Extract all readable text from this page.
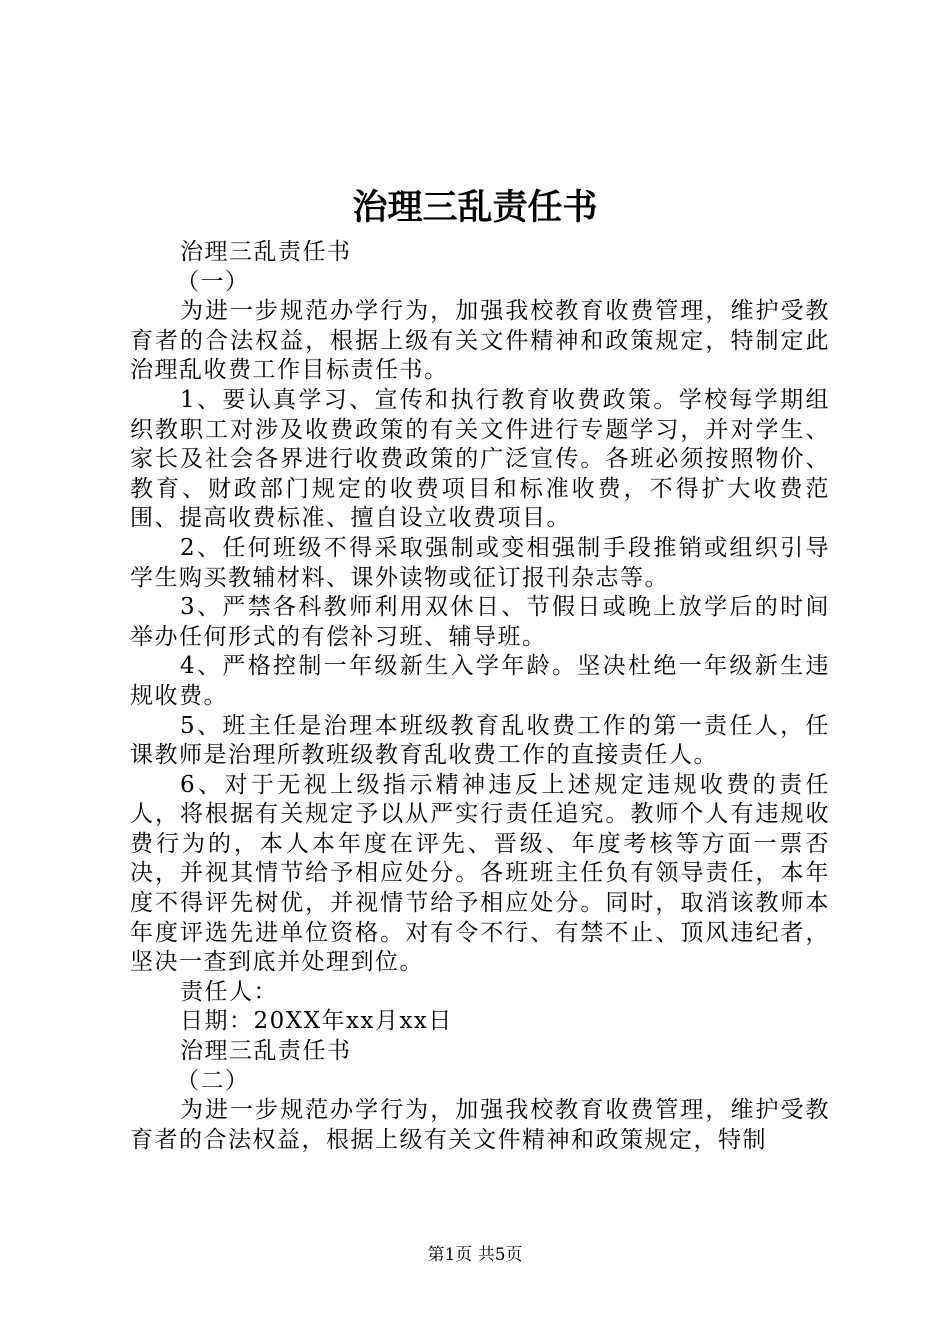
治理三乱责任书

治理三乱责任书

（一）

为进一步规范办学行为，加强我校教育收费管理，维护受教育者的合法权益，根据上级有关文件精神和政策规定，特制定此治理乱收费工作目标责任书。

1、要认真学习、宣传和执行教育收费政策。学校每学期组织教职工对涉及收费政策的有关文件进行专题学习，并对学生、家长及社会各界进行收费政策的广泛宣传。各班必须按照物价、教育、财政部门规定的收费项目和标准收费，不得扩大收费范围、提高收费标准、擅自设立收费项目。

2、任何班级不得采取强制或变相强制手段推销或组织引导学生购买教辅材料、课外读物或征订报刊杂志等。

3、严禁各科教师利用双休日、节假日或晚上放学后的时间举办任何形式的有偿补习班、辅导班。

4、严格控制一年级新生入学年龄。坚决杜绝一年级新生违规收费。

5、班主任是治理本班级教育乱收费工作的第一责任人，任课教师是治理所教班级教育乱收费工作的直接责任人。

6、对于无视上级指示精神违反上述规定违规收费的责任人，将根据有关规定予以从严实行责任追究。教师个人有违规收费行为的，本人本年度在评先、晋级、年度考核等方面一票否决，并视其情节给予相应处分。各班班主任负有领导责任，本年度不得评先树优，并视情节给予相应处分。同时，取消该教师本年度评选先进单位资格。对有令不行、有禁不止、顶风违纪者，坚决一查到底并处理到位。

责任人：

日期：20XX年xx月xx日

治理三乱责任书

（二）

为进一步规范办学行为，加强我校教育收费管理，维护受教育者的合法权益，根据上级有关文件精神和政策规定，特制

第1页 共5页
